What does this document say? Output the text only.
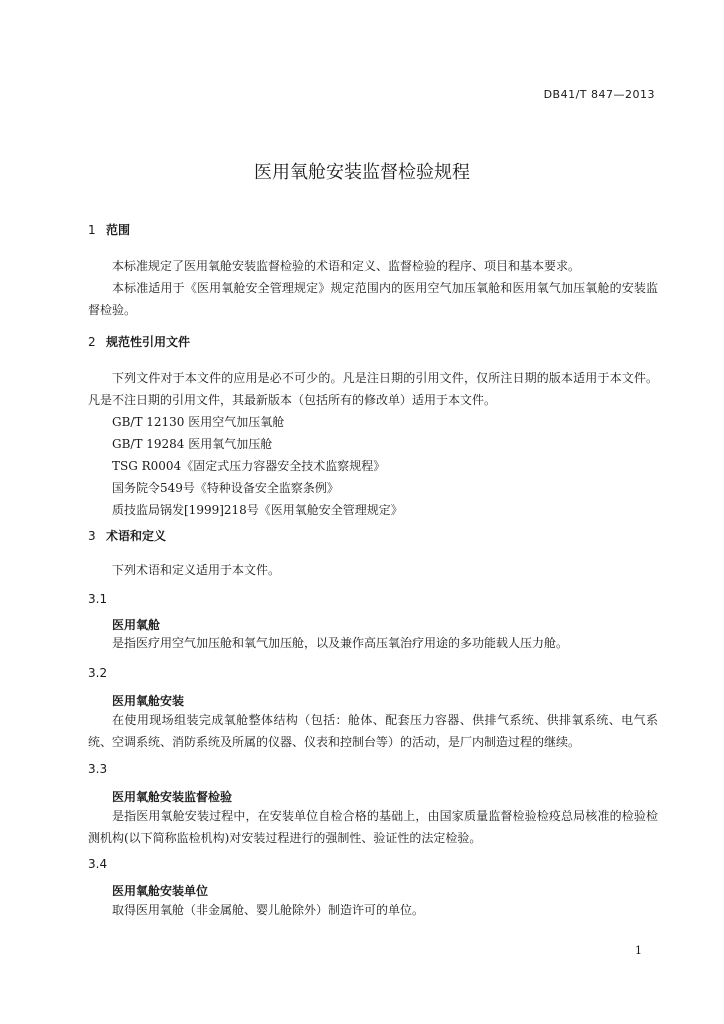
DB41/T 847—2013
医用氧舱安装监督检验规程
1 范围
本标准规定了医用氧舱安装监督检验的术语和定义、监督检验的程序、项目和基本要求。
本标准适用于《医用氧舱安全管理规定》规定范围内的医用空气加压氧舱和医用氧气加压氧舱的安装监督检验。
2 规范性引用文件
下列文件对于本文件的应用是必不可少的。凡是注日期的引用文件，仅所注日期的版本适用于本文件。凡是不注日期的引用文件，其最新版本（包括所有的修改单）适用于本文件。
GB/T 12130 医用空气加压氧舱
GB/T 19284 医用氧气加压舱
TSG R0004《固定式压力容器安全技术监察规程》
国务院令549号《特种设备安全监察条例》
质技监局锅发[1999]218号《医用氧舱安全管理规定》
3 术语和定义
下列术语和定义适用于本文件。
3.1
医用氧舱
是指医疗用空气加压舱和氧气加压舱，以及兼作高压氧治疗用途的多功能载人压力舱。
3.2
医用氧舱安装
在使用现场组装完成氧舱整体结构（包括：舱体、配套压力容器、供排气系统、供排氧系统、电气系统、空调系统、消防系统及所属的仪器、仪表和控制台等）的活动，是厂内制造过程的继续。
3.3
医用氧舱安装监督检验
是指医用氧舱安装过程中，在安装单位自检合格的基础上，由国家质量监督检验检疫总局核准的检验检测机构(以下简称监检机构)对安装过程进行的强制性、验证性的法定检验。
3.4
医用氧舱安装单位
取得医用氧舱（非金属舱、婴儿舱除外）制造许可的单位。
1
